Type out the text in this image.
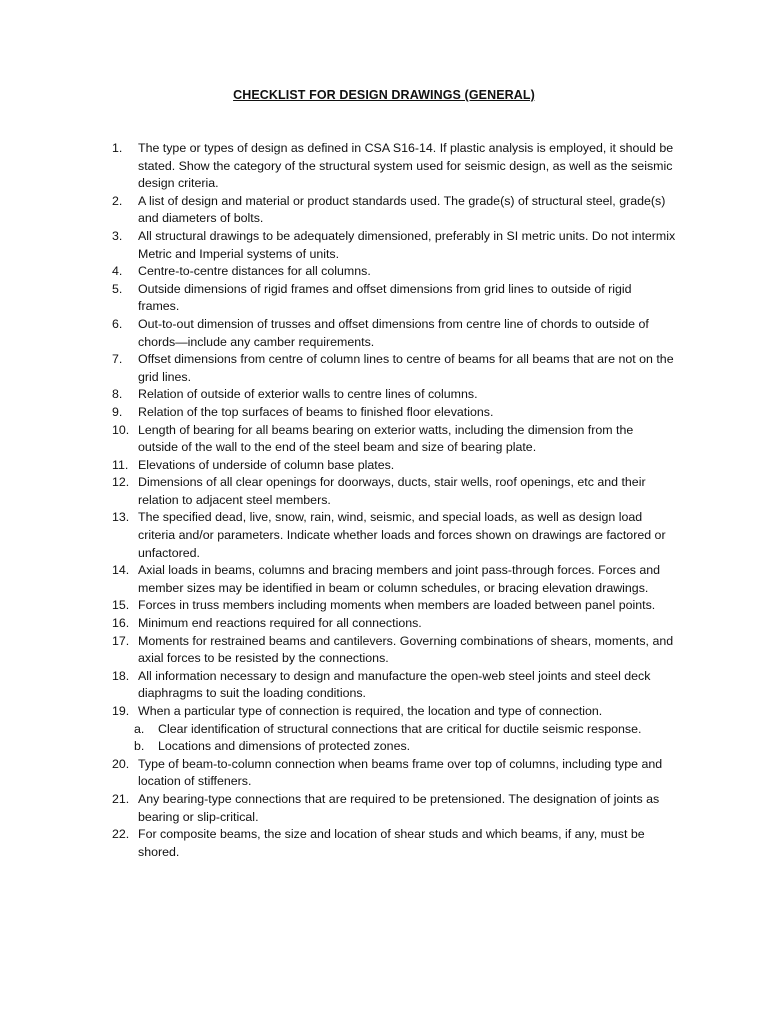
CHECKLIST FOR DESIGN DRAWINGS (GENERAL)
1.	The type or types of design as defined in CSA S16-14. If plastic analysis is employed, it should be stated. Show the category of the structural system used for seismic design, as well as the seismic design criteria.
2.	A list of design and material or product standards used. The grade(s) of structural steel, grade(s) and diameters of bolts.
3.	All structural drawings to be adequately dimensioned, preferably in SI metric units. Do not intermix Metric and Imperial systems of units.
4.	Centre-to-centre distances for all columns.
5.	Outside dimensions of rigid frames and offset dimensions from grid lines to outside of rigid frames.
6.	Out-to-out dimension of trusses and offset dimensions from centre line of chords to outside of chords—include any camber requirements.
7.	Offset dimensions from centre of column lines to centre of beams for all beams that are not on the grid lines.
8.	Relation of outside of exterior walls to centre lines of columns.
9.	Relation of the top surfaces of beams to finished floor elevations.
10. Length of bearing for all beams bearing on exterior watts, including the dimension from the outside of the wall to the end of the steel beam and size of bearing plate.
11. Elevations of underside of column base plates.
12. Dimensions of all clear openings for doorways, ducts, stair wells, roof openings, etc and their relation to adjacent steel members.
13. The specified dead, live, snow, rain, wind, seismic, and special loads, as well as design load criteria and/or parameters. Indicate whether loads and forces shown on drawings are factored or unfactored.
14. Axial loads in beams, columns and bracing members and joint pass-through forces. Forces and member sizes may be identified in beam or column schedules, or bracing elevation drawings.
15. Forces in truss members including moments when members are loaded between panel points.
16. Minimum end reactions required for all connections.
17. Moments for restrained beams and cantilevers. Governing combinations of shears, moments, and axial forces to be resisted by the connections.
18. All information necessary to design and manufacture the open-web steel joints and steel deck diaphragms to suit the loading conditions.
19. When a particular type of connection is required, the location and type of connection.
a.	Clear identification of structural connections that are critical for ductile seismic response.
b.	Locations and dimensions of protected zones.
20. Type of beam-to-column connection when beams frame over top of columns, including type and location of stiffeners.
21. Any bearing-type connections that are required to be pretensioned. The designation of joints as bearing or slip-critical.
22. For composite beams, the size and location of shear studs and which beams, if any, must be shored.
